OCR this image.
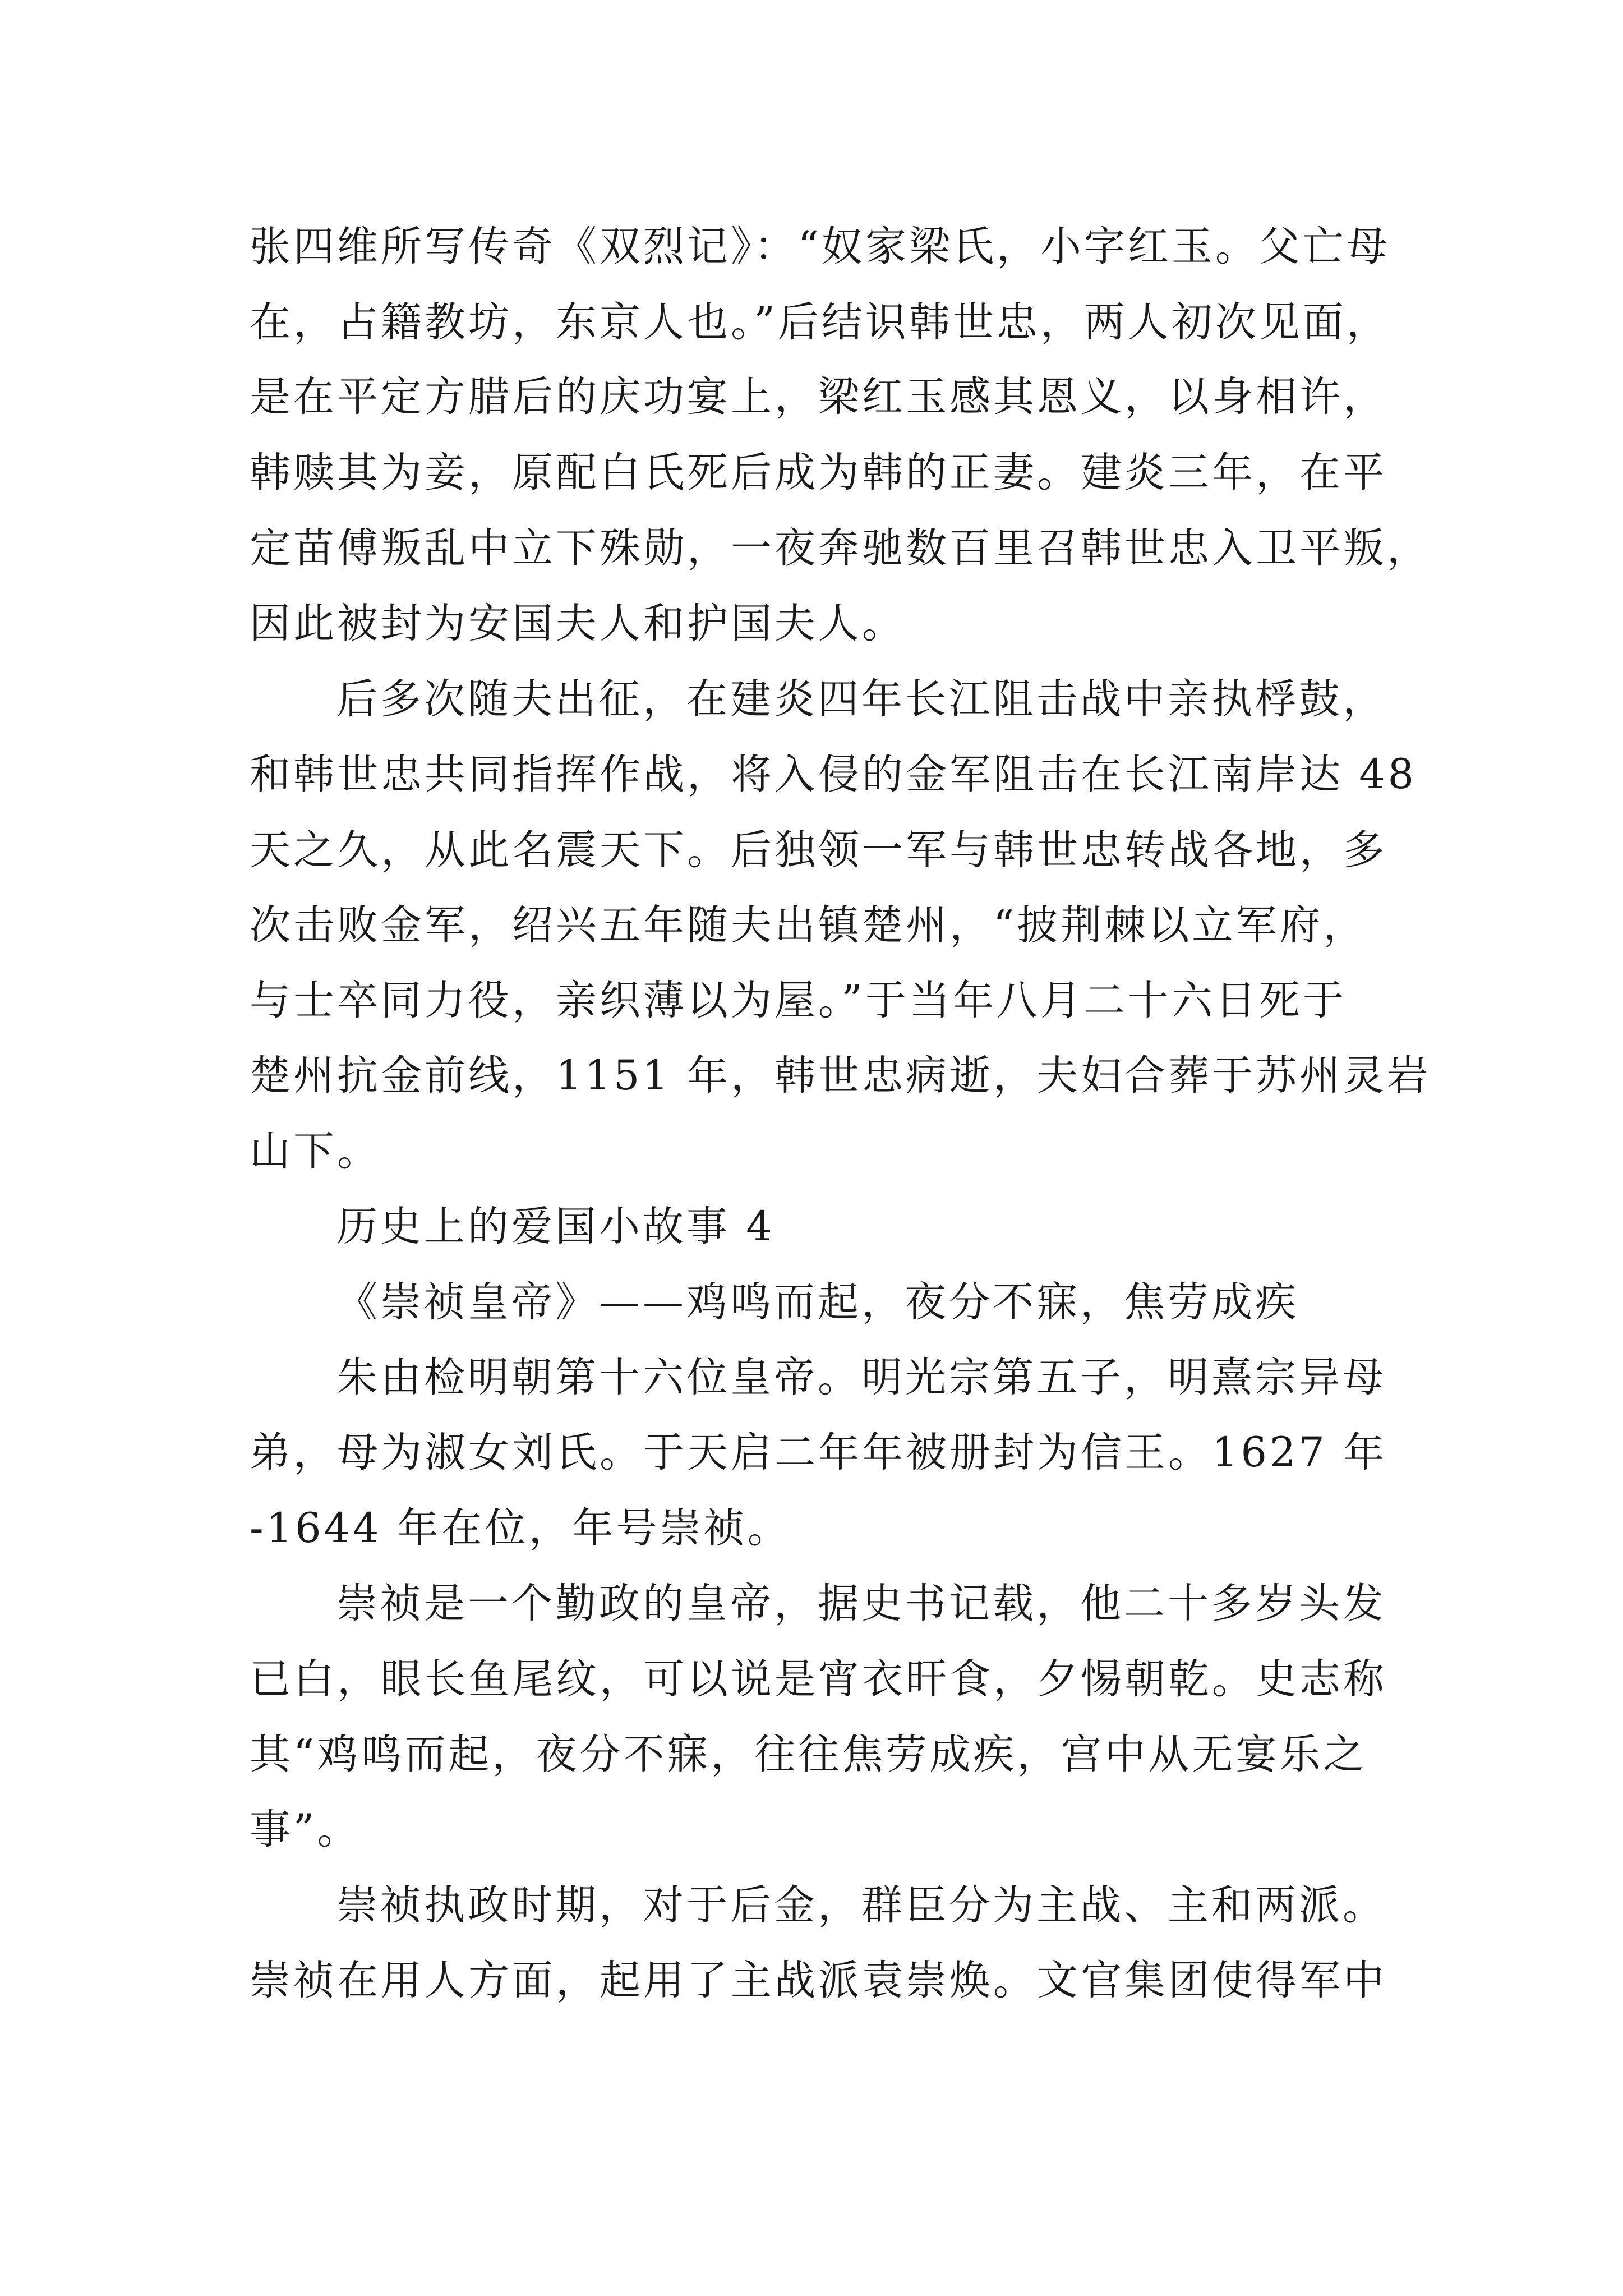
张四维所写传奇《双烈记》：“奴家梁氏，小字红玉。父亡母
在，占籍教坊，东京人也。”后结识韩世忠，两人初次见面，
是在平定方腊后的庆功宴上，梁红玉感其恩义，以身相许，
韩赎其为妾，原配白氏死后成为韩的正妻。建炎三年，在平
定苗傅叛乱中立下殊勋，一夜奔驰数百里召韩世忠入卫平叛，
因此被封为安国夫人和护国夫人。
后多次随夫出征，在建炎四年长江阻击战中亲执桴鼓，
和韩世忠共同指挥作战，将入侵的金军阻击在长江南岸达 48
天之久，从此名震天下。后独领一军与韩世忠转战各地，多
次击败金军，绍兴五年随夫出镇楚州，“披荆棘以立军府，
与士卒同力役，亲织薄以为屋。”于当年八月二十六日死于
楚州抗金前线，1151 年，韩世忠病逝，夫妇合葬于苏州灵岩
山下。
历史上的爱国小故事 4
《崇祯皇帝》——鸡鸣而起，夜分不寐，焦劳成疾
朱由检明朝第十六位皇帝。明光宗第五子，明熹宗异母
弟，母为淑女刘氏。于天启二年年被册封为信王。1627 年
-1644 年在位，年号崇祯。
崇祯是一个勤政的皇帝，据史书记载，他二十多岁头发
已白，眼长鱼尾纹，可以说是宵衣旰食，夕惕朝乾。史志称
其“鸡鸣而起，夜分不寐，往往焦劳成疾，宫中从无宴乐之
事”。
崇祯执政时期，对于后金，群臣分为主战、主和两派。
崇祯在用人方面，起用了主战派袁崇焕。文官集团使得军中
